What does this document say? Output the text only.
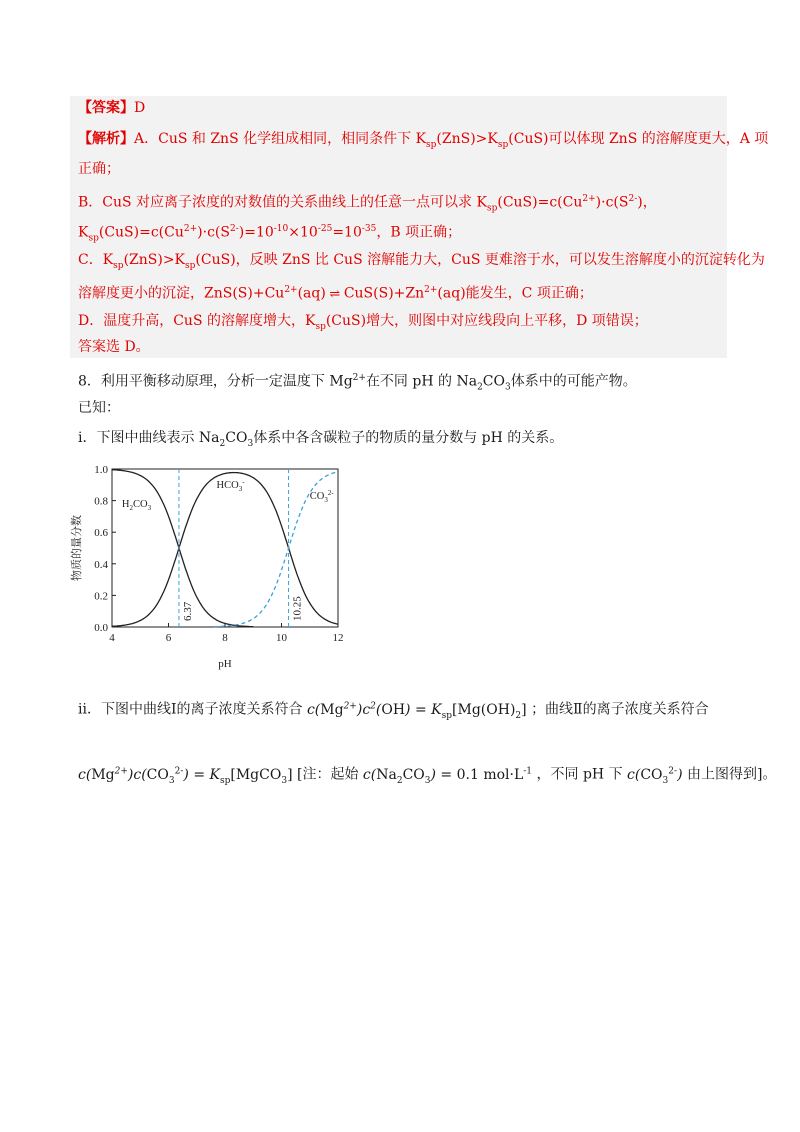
【答案】D
【解析】A．CuS 和 ZnS 化学组成相同，相同条件下 $K_{sp}(ZnS)>K_{sp}(CuS)$可以体现 ZnS 的溶解度更大，A 项
正确；
B．CuS 对应离子浓度的对数值的关系曲线上的任意一点可以求 $K_{sp}(CuS)=c(Cu^{2+})\cdot c(S^{2-})$，
$K_{sp}(CuS)=c(Cu^{2+})\cdot c(S^{2-})=10^{-10}\times 10^{-25}=10^{-35}$，B 项正确；
C．$K_{sp}(ZnS)>K_{sp}(CuS)$，反映 ZnS 比 CuS 溶解能力大，CuS 更难溶于水，可以发生溶解度小的沉淀转化为
溶解度更小的沉淀，$ZnS(S)+Cu^{2+}(aq)$ ⇌ $CuS(S)+Zn^{2+}(aq)$能发生，C 项正确；
D．温度升高，CuS 的溶解度增大，$K_{sp}(CuS)$增大，则图中对应线段向上平移，D 项错误；
答案选 D。
8．利用平衡移动原理，分析一定温度下 $Mg^{2+}$在不同 pH 的 $Na_2CO_3$体系中的可能产物。
已知：
ⅰ．下图中曲线表示 $Na_2CO_3$体系中各含碳粒子的物质的量分数与 pH 的关系。
4	6	8	10	12
0.0
0.2
0.4
0.6
0.8
1.0
pH
物质的量分数
6.37	10.25
$H_2CO_3$
$HCO_3^-$
$CO_3^{2-}$
ⅱ．下图中曲线Ⅰ的离子浓度关系符合 $c(Mg^{2+})c^2(OH) = K_{sp}[Mg(OH)_2]$ ；曲线Ⅱ的离子浓度关系符合
$c(Mg^{2+})c(CO_3^{2-})$ = $K_{sp}[MgCO_3]$ [注：起始 $c(Na_2CO_3) = 0.1$ $mol\cdot L^{-1}$ ，不同 pH 下 $c(CO_3^{2-})$ 由上图得到]。
